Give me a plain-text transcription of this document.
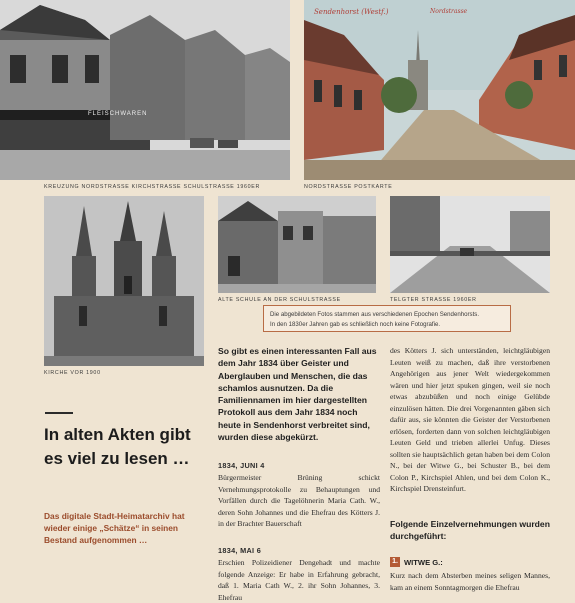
KREUZUNG NORDSTRASSE KIRCHSTRASSE SCHULSTRASSE 1960ER
FLEISCHWAREN
Sendenhorst (Westf.)	Nordstrasse
NORDSTRASSE POSTKARTE
KIRCHE VOR 1900
ALTE SCHULE AN DER SCHULSTRASSE	TELGTER STRASSE 1960ER
Die abgebildeten Fotos stammen aus verschiedenen Epochen Sendenhorsts.
In den 1830er Jahren gab es schließlich noch keine Fotografie.
In alten Akten gibt
es viel zu lesen …
Das digitale Stadt-Heimatarchiv hat wieder einige „Schätze“ in seinen Bestand aufgenommen …
So gibt es einen interessanten Fall aus dem Jahr 1834 über Geister und Aberglauben und Menschen, die das schamlos ausnutzen. Da die Familiennamen im hier dargestellten Protokoll aus dem Jahr 1834 noch heute in Sendenhorst verbreitet sind, wurden diese abgekürzt.
1834, JUNI 4
Bürgermeister Brüning schickt Vernehmungsprotokolle zu Behauptungen und Vorfällen durch die Tagelöhnerin Maria Cath. W., deren Sohn Johannes und die Ehefrau des Kötters J. in der Brachter Bauerschaft
1834, MAI 6
Erschien Polizeidiener Dengehadt und machte folgende Anzeige: Er habe in Erfahrung gebracht, daß 1. Maria Cath W., 2. ihr Sohn Johannes, 3. Ehefrau
des Kötters J. sich unterständen, leichtgläubigen Leuten weiß zu machen, daß ihre verstorbenen Angehörigen aus jener Welt wiedergekommen wären und hier jetzt spuken gingen, weil sie noch etwas abzubüßen und noch einige Gelübde einzulösen hätten. Die drei Vorgenannten gäben sich dafür aus, sie könnten die Geister der Verstorbenen erlösen, forderten dann von solchen leichtgläubigen Leuten Geld und trieben allerlei Unfug. Dieses sollten sie hauptsächlich getan haben bei dem Colon N., bei der Witwe G., bei Schuster B., bei dem Colon P., Kirchspiel Ahlen, und bei dem Colon K., Kirchspiel Drensteinfurt.
Folgende Einzelvernehmungen wurden durchgeführt:
1. WITWE G.:
Kurz nach dem Absterben meines seligen Mannes, kam an einem Sonntagmorgen die Ehefrau
